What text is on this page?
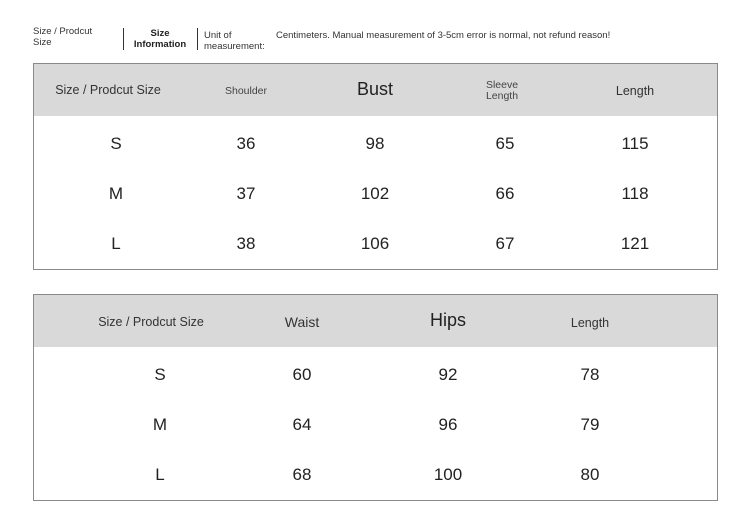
Size / Prodcut Size
Size Information
Unit of measurement:
Centimeters. Manual measurement of 3-5cm error is normal, not refund reason!
Size / Prodcut Size	Shoulder	Bust	Sleeve Length	Length
S	36	98	65	115
M	37	102	66	118
L	38	106	67	121
Size / Prodcut Size	Waist	Hips	Length
S	60	92	78
M	64	96	79
L	68	100	80
